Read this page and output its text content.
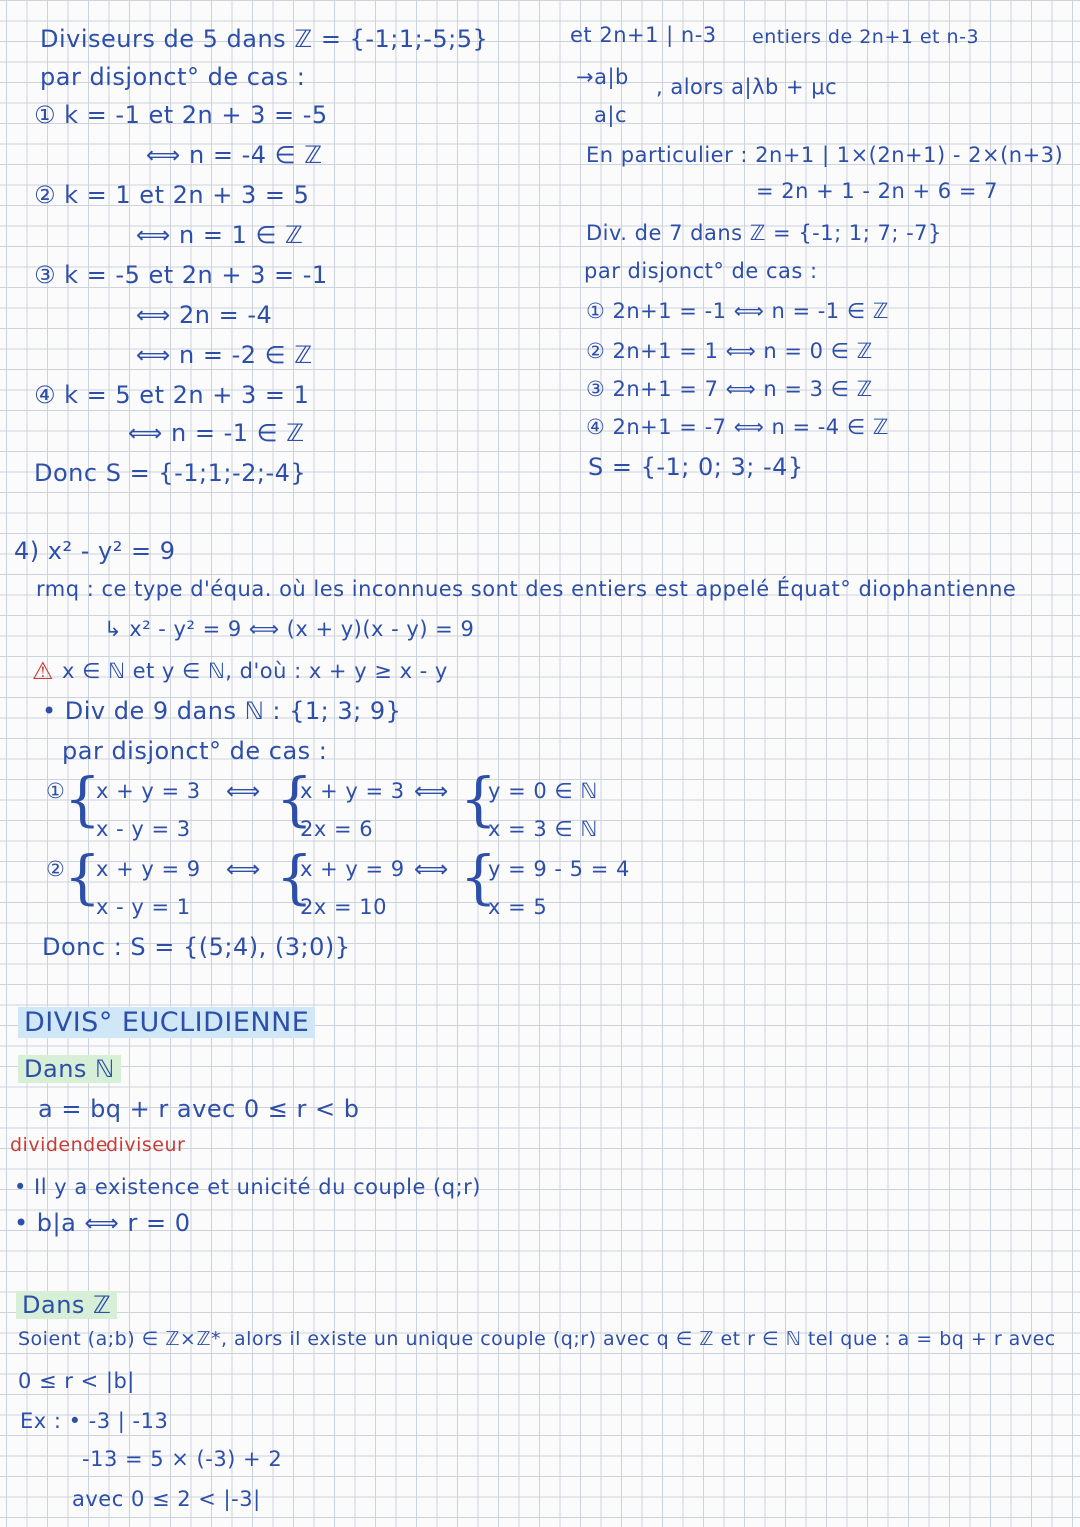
Diviseurs de 5 dans ℤ = {-1;1;-5;5}
par disjonct° de cas :
① k = -1 et 2n + 3 = -5
⟺ n = -4 ∈ ℤ
② k = 1 et 2n + 3 = 5
⟺ n = 1 ∈ ℤ
③ k = -5 et 2n + 3 = -1
⟺ 2n = -4
⟺ n = -2 ∈ ℤ
④ k = 5 et 2n + 3 = 1
⟺ n = -1 ∈ ℤ
Donc S = {-1;1;-2;-4}
et 2n+1 | n-3 entiers de 2n+1 et n-3
→a|b , alors a|λb + μc
a|c
En particulier : 2n+1 | 1×(2n+1) - 2×(n+3)
= 2n + 1 - 2n + 6 = 7
Div. de 7 dans ℤ = {-1; 1; 7; -7}
par disjonct° de cas :
① 2n+1 = -1 ⟺ n = -1 ∈ ℤ
② 2n+1 = 1 ⟺ n = 0 ∈ ℤ
③ 2n+1 = 7 ⟺ n = 3 ∈ ℤ
④ 2n+1 = -7 ⟺ n = -4 ∈ ℤ
S = {-1; 0; 3; -4}
4) x² - y² = 9
rmq : ce type d'équa. où les inconnues sont des entiers est appelé Équat° diophantienne
↳ x² - y² = 9 ⟺ (x + y)(x - y) = 9
⚠ x ∈ ℕ et y ∈ ℕ, d'où : x + y ≥ x - y
• Div de 9 dans ℕ : {1; 3; 9}
par disjonct° de cas :
①
{
x + y = 3
x - y = 3
⟺ {
x + y = 3
2x = 6
⟺ {
y = 0 ∈ ℕ
x = 3 ∈ ℕ
②
{
x + y = 9
x - y = 1
⟺ {
x + y = 9
2x = 10
⟺ {
y = 9 - 5 = 4
x = 5
Donc : S = {(5;4), (3;0)}
DIVIS° EUCLIDIENNE
Dans ℕ
a = bq + r avec 0 ≤ r < b
dividende
diviseur
• Il y a existence et unicité du couple (q;r)
• b|a ⟺ r = 0
Dans ℤ
Soient (a;b) ∈ ℤ×ℤ*, alors il existe un unique couple (q;r) avec q ∈ ℤ et r ∈ ℕ tel que : a = bq + r avec
0 ≤ r < |b|
Ex : • -3 | -13
-13 = 5 × (-3) + 2
avec 0 ≤ 2 < |-3|
